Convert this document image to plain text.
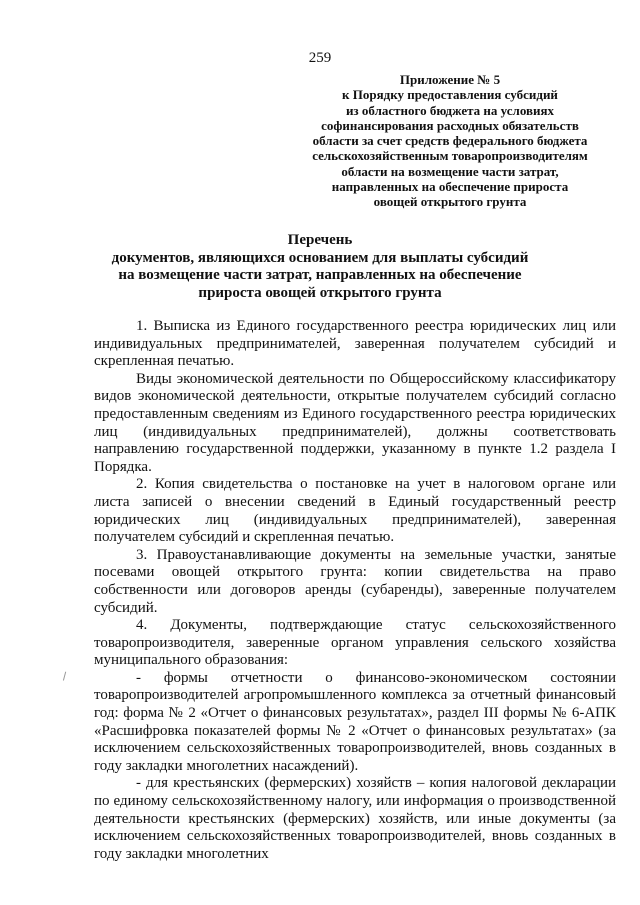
259
Приложение № 5
к Порядку предоставления субсидий
из областного бюджета на условиях
софинансирования расходных обязательств
области за счет средств федерального бюджета
сельскохозяйственным товаропроизводителям
области на возмещение части затрат,
направленных на обеспечение прироста
овощей открытого грунта
Перечень
документов, являющихся основанием для выплаты субсидий
на возмещение части затрат, направленных на обеспечение
прироста овощей открытого грунта

1. Выписка из Единого государственного реестра юридических лиц или индивидуальных предпринимателей, заверенная получателем субсидий и скрепленная печатью.

Виды экономической деятельности по Общероссийскому классификатору видов экономической деятельности, открытые получателем субсидий согласно предоставленным сведениям из Единого государственного реестра юридических лиц (индивидуальных предпринимателей), должны соответствовать направлению государственной поддержки, указанному в пункте 1.2 раздела I Порядка.

2. Копия свидетельства о постановке на учет в налоговом органе или листа записей о внесении сведений в Единый государственный реестр юридических лиц (индивидуальных предпринимателей), заверенная получателем субсидий и скрепленная печатью.

3. Правоустанавливающие документы на земельные участки, занятые посевами овощей открытого грунта: копии свидетельства на право собственности или договоров аренды (субаренды), заверенные получателем субсидий.

4. Документы, подтверждающие статус сельскохозяйственного товаропроизводителя, заверенные органом управления сельского хозяйства муниципального образования:

- формы отчетности о финансово-экономическом состоянии товаропроизводителей агропромышленного комплекса за отчетный финансовый год: форма № 2 «Отчет о финансовых результатах», раздел III формы № 6-АПК «Расшифровка показателей формы № 2 «Отчет о финансовых результатах» (за исключением сельскохозяйственных товаропроизводителей, вновь созданных в году закладки многолетних насаждений).

- для крестьянских (фермерских) хозяйств – копия налоговой декларации по единому сельскохозяйственному налогу, или информация о производственной деятельности крестьянских (фермерских) хозяйств, или иные документы (за исключением сельскохозяйственных товаропроизводителей, вновь созданных в году закладки многолетних
